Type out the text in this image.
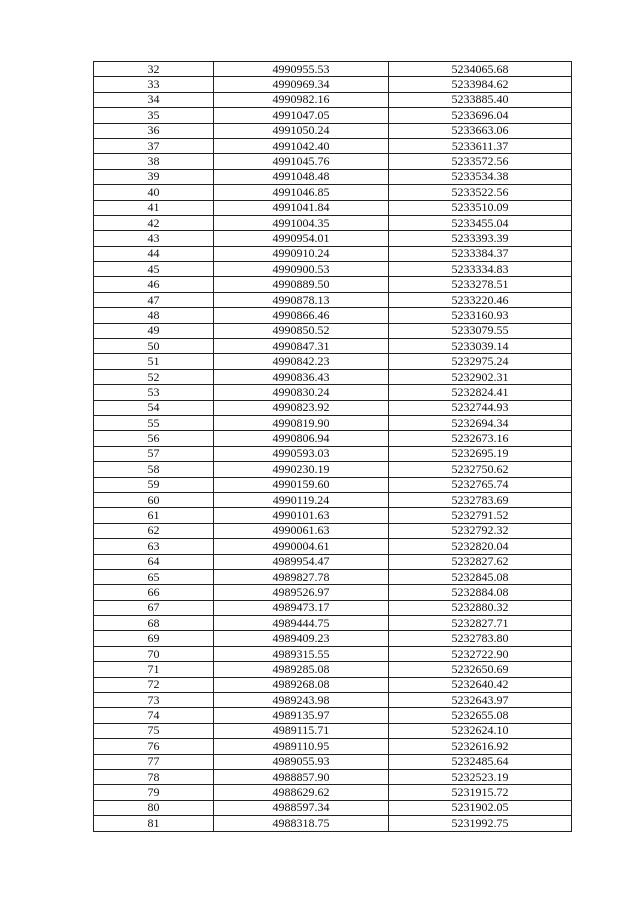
32	4990955.53	5234065.68
33	4990969.34	5233984.62
34	4990982.16	5233885.40
35	4991047.05	5233696.04
36	4991050.24	5233663.06
37	4991042.40	5233611.37
38	4991045.76	5233572.56
39	4991048.48	5233534.38
40	4991046.85	5233522.56
41	4991041.84	5233510.09
42	4991004.35	5233455.04
43	4990954.01	5233393.39
44	4990910.24	5233384.37
45	4990900.53	5233334.83
46	4990889.50	5233278.51
47	4990878.13	5233220.46
48	4990866.46	5233160.93
49	4990850.52	5233079.55
50	4990847.31	5233039.14
51	4990842.23	5232975.24
52	4990836.43	5232902.31
53	4990830.24	5232824.41
54	4990823.92	5232744.93
55	4990819.90	5232694.34
56	4990806.94	5232673.16
57	4990593.03	5232695.19
58	4990230.19	5232750.62
59	4990159.60	5232765.74
60	4990119.24	5232783.69
61	4990101.63	5232791.52
62	4990061.63	5232792.32
63	4990004.61	5232820.04
64	4989954.47	5232827.62
65	4989827.78	5232845.08
66	4989526.97	5232884.08
67	4989473.17	5232880.32
68	4989444.75	5232827.71
69	4989409.23	5232783.80
70	4989315.55	5232722.90
71	4989285.08	5232650.69
72	4989268.08	5232640.42
73	4989243.98	5232643.97
74	4989135.97	5232655.08
75	4989115.71	5232624.10
76	4989110.95	5232616.92
77	4989055.93	5232485.64
78	4988857.90	5232523.19
79	4988629.62	5231915.72
80	4988597.34	5231902.05
81	4988318.75	5231992.75
